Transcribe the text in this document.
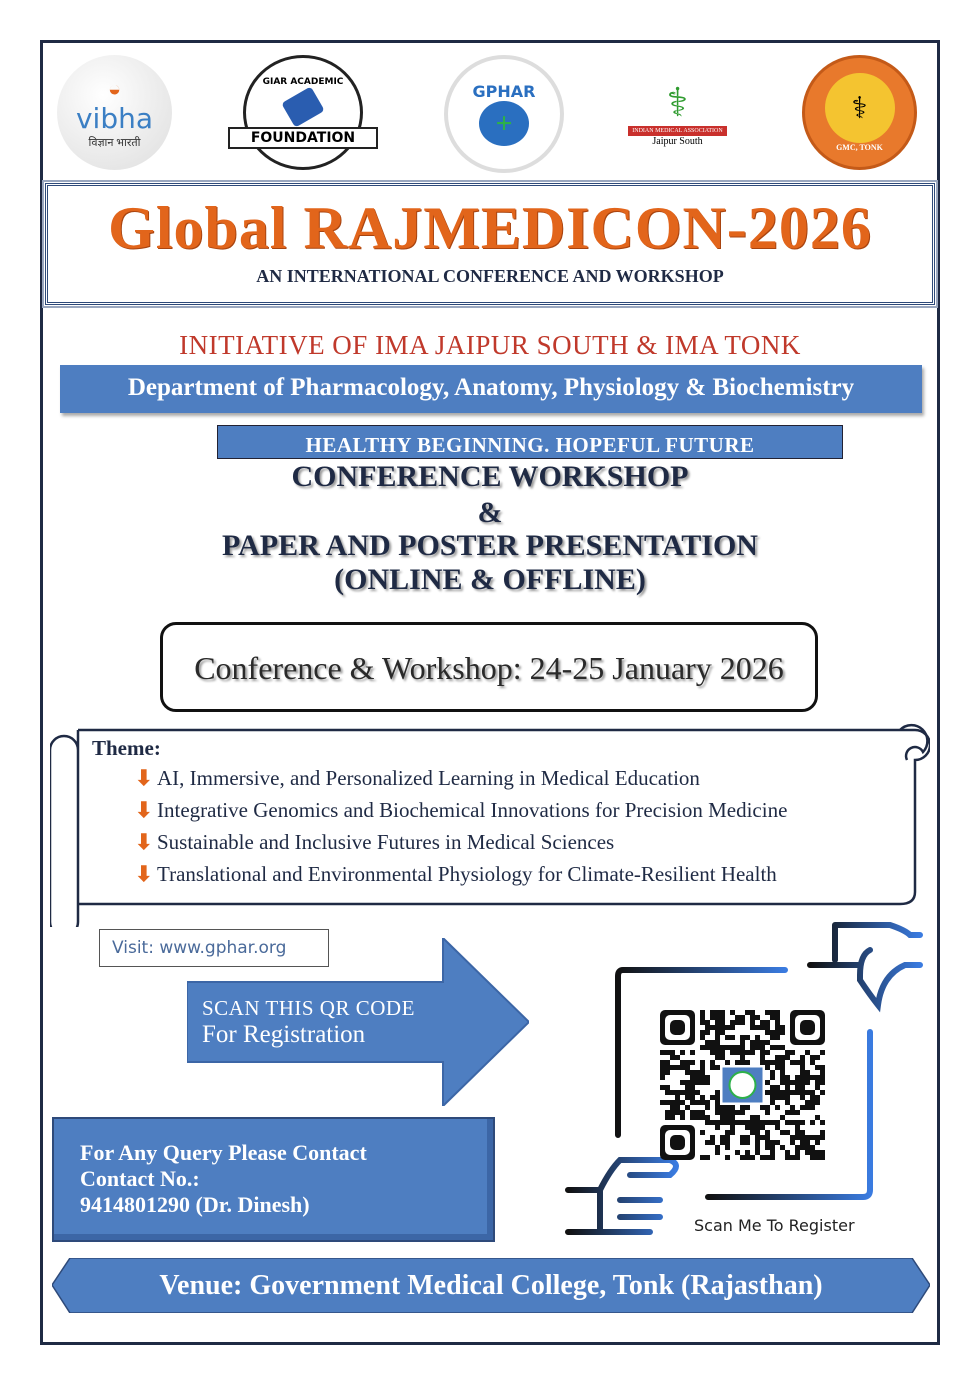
◒
vibha
विज्ञान भारती
GIAR ACADEMIC
FOUNDATION
GPHAR
+	⚕
INDIAN MEDICAL ASSOCIATION
Jaipur South
⚕
GMC, TONK
Global RAJMEDICON-2026
AN INTERNATIONAL CONFERENCE AND WORKSHOP
INITIATIVE OF IMA JAIPUR SOUTH & IMA TONK
Department of Pharmacology, Anatomy, Physiology & Biochemistry
HEALTHY BEGINNING. HOPEFUL FUTURE
CONFERENCE WORKSHOP
&
PAPER AND POSTER PRESENTATION
(ONLINE & OFFLINE)
Conference & Workshop: 24-25 January 2026
Theme:
⬇ AI, Immersive, and Personalized Learning in Medical Education
⬇ Integrative Genomics and Biochemical Innovations for Precision Medicine
⬇ Sustainable and Inclusive Futures in Medical Sciences
⬇ Translational and Environmental Physiology for Climate-Resilient Health
Visit: www.gphar.org
SCAN THIS QR CODE
For Registration
For Any Query Please Contact
Contact No.:
9414801290 (Dr. Dinesh)
Scan Me To Register
Venue: Government Medical College, Tonk (Rajasthan)
